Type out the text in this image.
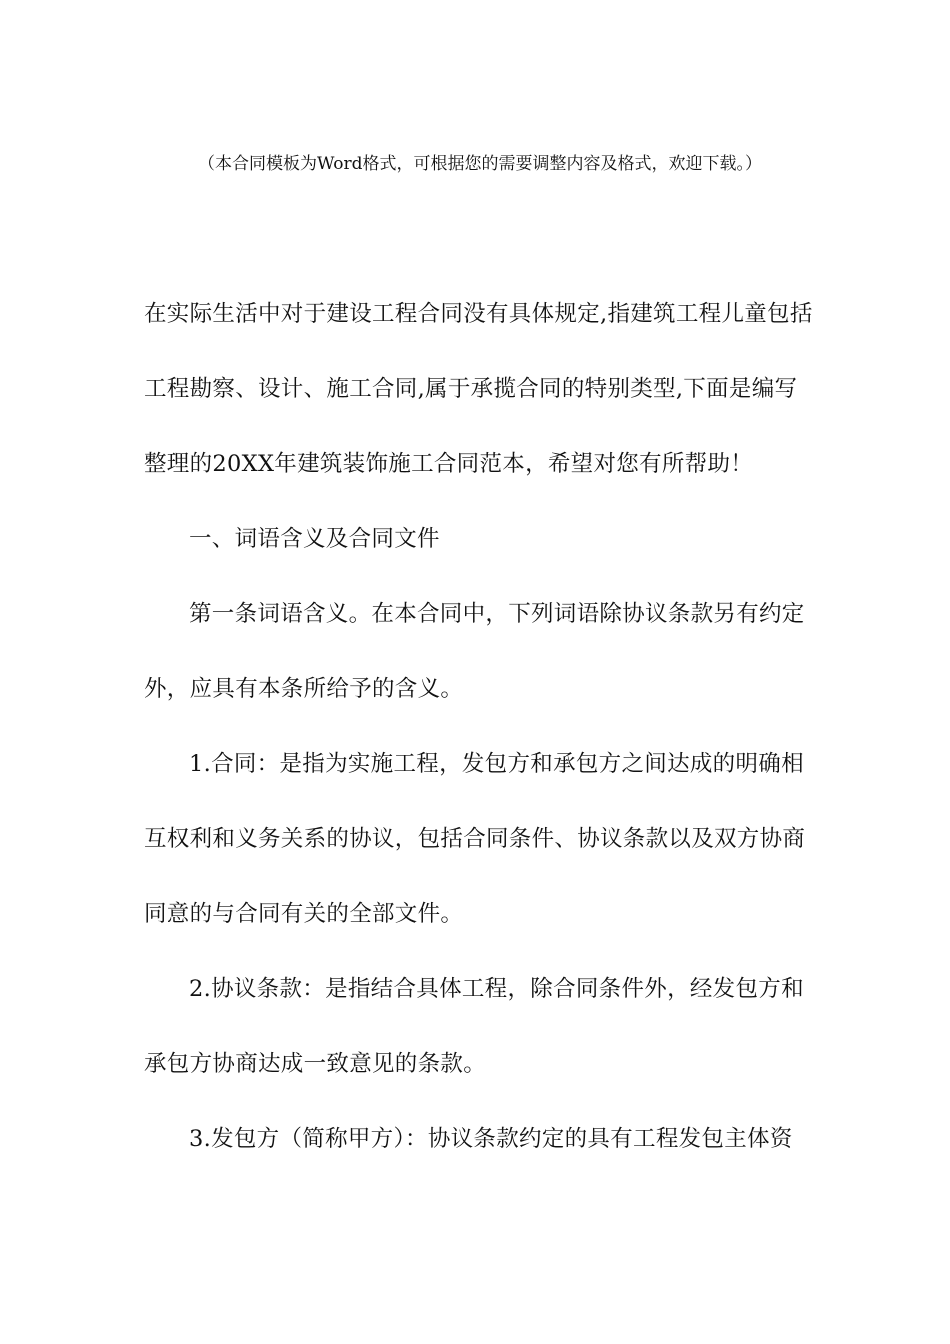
（本合同模板为Word格式，可根据您的需要调整内容及格式，欢迎下载。）
在实际生活中对于建设工程合同没有具体规定,指建筑工程儿童包括
工程勘察、设计、施工合同,属于承揽合同的特别类型,下面是编写
整理的20XX年建筑装饰施工合同范本，希望对您有所帮助！
一、词语含义及合同文件
第一条词语含义。在本合同中，下列词语除协议条款另有约定
外，应具有本条所给予的含义。
1.合同：是指为实施工程，发包方和承包方之间达成的明确相
互权利和义务关系的协议，包括合同条件、协议条款以及双方协商
同意的与合同有关的全部文件。
2.协议条款：是指结合具体工程，除合同条件外，经发包方和
承包方协商达成一致意见的条款。
3.发包方（简称甲方）：协议条款约定的具有工程发包主体资
